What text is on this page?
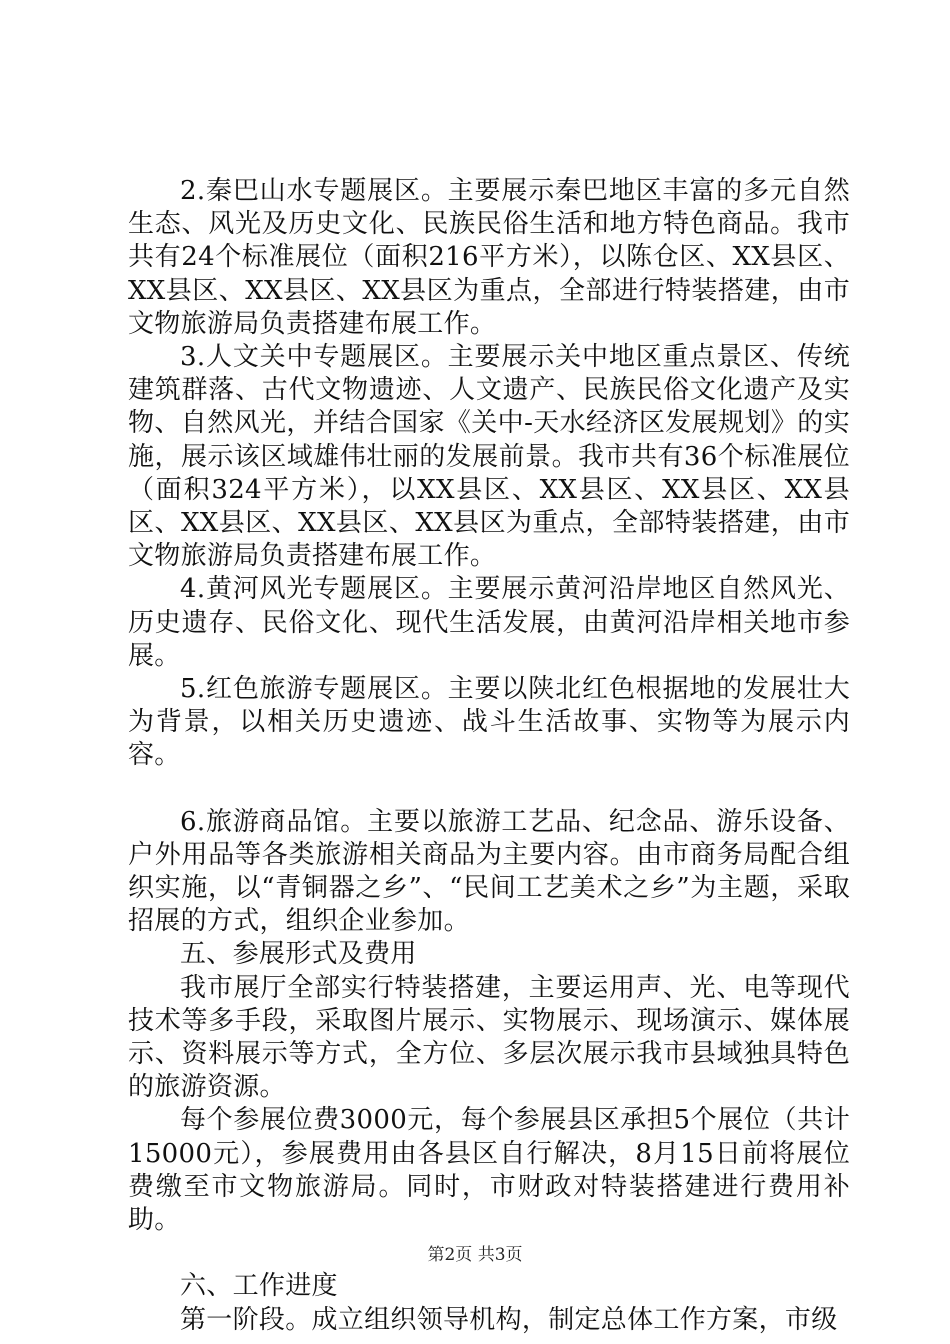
2.秦巴山水专题展区。主要展示秦巴地区丰富的多元自然生态、风光及历史文化、民族民俗生活和地方特色商品。我市共有24个标准展位（面积216平方米），以陈仓区、XX县区、XX县区、XX县区、XX县区为重点，全部进行特装搭建，由市文物旅游局负责搭建布展工作。

3.人文关中专题展区。主要展示关中地区重点景区、传统建筑群落、古代文物遗迹、人文遗产、民族民俗文化遗产及实物、自然风光，并结合国家《关中-天水经济区发展规划》的实施，展示该区域雄伟壮丽的发展前景。我市共有36个标准展位（面积324平方米），以XX县区、XX县区、XX县区、XX县区、XX县区、XX县区、XX县区为重点，全部特装搭建，由市文物旅游局负责搭建布展工作。

4.黄河风光专题展区。主要展示黄河沿岸地区自然风光、历史遗存、民俗文化、现代生活发展，由黄河沿岸相关地市参展。

5.红色旅游专题展区。主要以陕北红色根据地的发展壮大为背景，以相关历史遗迹、战斗生活故事、实物等为展示内容。

6.旅游商品馆。主要以旅游工艺品、纪念品、游乐设备、户外用品等各类旅游相关商品为主要内容。由市商务局配合组织实施，以“青铜器之乡”、“民间工艺美术之乡”为主题，采取招展的方式，组织企业参加。

五、参展形式及费用

我市展厅全部实行特装搭建，主要运用声、光、电等现代技术等多手段，采取图片展示、实物展示、现场演示、媒体展示、资料展示等方式，全方位、多层次展示我市县域独具特色的旅游资源。

每个参展位费3000元，每个参展县区承担5个展位（共计15000元），参展费用由各县区自行解决，8月15日前将展位费缴至市文物旅游局。同时，市财政对特装搭建进行费用补助。

六、工作进度

第一阶段。成立组织领导机构，制定总体工作方案，市级

第2页 共3页
